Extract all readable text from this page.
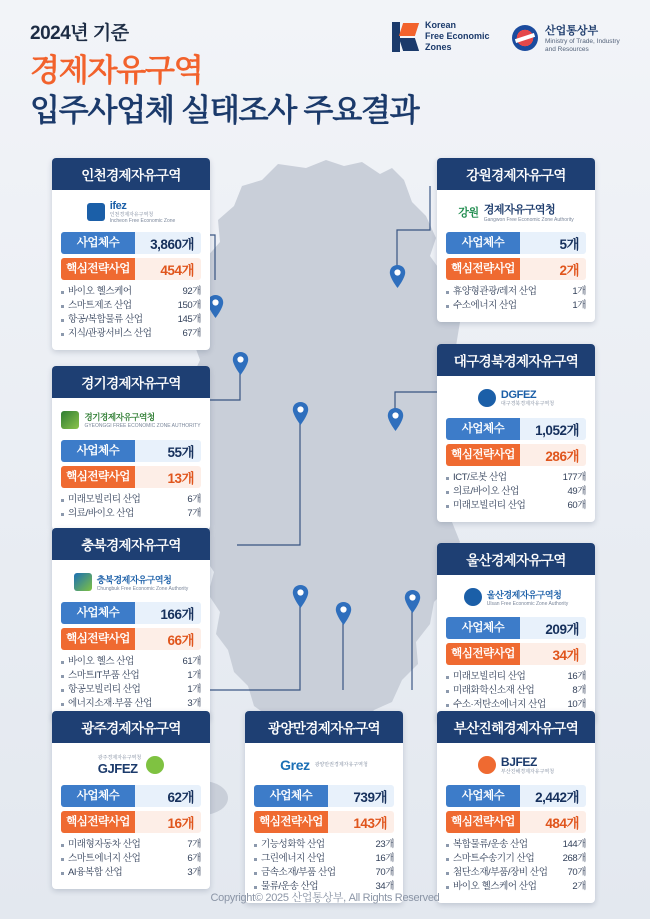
2024년 기준
경제자유구역
입주사업체 실태조사 주요결과
Korean
Free Economic
Zones
산업통상부
Ministry of Trade, Industry
and Resources
인천경제자유구역
ifez
인천경제자유구역청
Incheon Free Economic Zone
사업체수	3,860개
핵심전략사업	454개
바이오 헬스케어	92개
스마트제조 산업	150개
항공/복합물류 산업	145개
지식/관광서비스 산업	67개
강원경제자유구역
강원 경제자유구역청
Gangwon Free Economic Zone Authority
사업체수	5개
핵심전략사업	2개
휴양형관광/레저 산업	1개
수소에너지 산업	1개
경기경제자유구역
경기경제자유구역청
GYEONGGI FREE ECONOMIC ZONE AUTHORITY
사업체수	55개
핵심전략사업	13개
미래모빌리티 산업	6개
의료/바이오 산업	7개
대구경북경제자유구역
DGFEZ
대구경북경제자유구역청
사업체수	1,052개
핵심전략사업	286개
ICT/로봇 산업	177개
의료/바이오 산업	49개
미래모빌리티 산업	60개
충북경제자유구역
충북경제자유구역청
Chungbuk Free Economic Zone Authority
사업체수	166개
핵심전략사업	66개
바이오 헬스 산업	61개
스마트IT부품 산업	1개
항공모빌리티 산업	1개
에너지소재·부품 산업	3개
울산경제자유구역
울산경제자유구역청
Ulsan Free Economic Zone Authority
사업체수	209개
핵심전략사업	34개
미래모빌리티 산업	16개
미래화학신소재 산업	8개
수소·저탄소에너지 산업	10개
광주경제자유구역
광주경제자유구역청
GJFEZ
사업체수	62개
핵심전략사업	16개
미래형자동차 산업	7개
스마트에너지 산업	6개
AI융복합 산업	3개
광양만경제자유구역
Grez 광양만권경제자유구역청
사업체수	739개
핵심전략사업	143개
기능성화학 산업	23개
그린에너지 산업	16개
금속소재/부품 산업	70개
물류/운송 산업	34개
부산진해경제자유구역
BJFEZ
부산진해경제자유구역청
사업체수	2,442개
핵심전략사업	484개
복합물류/운송 산업	144개
스마트수송기기 산업	268개
첨단소재/부품/장비 산업	70개
바이오 헬스케어 산업	2개
Copyright© 2025 산업통상부, All Rights Reserved
